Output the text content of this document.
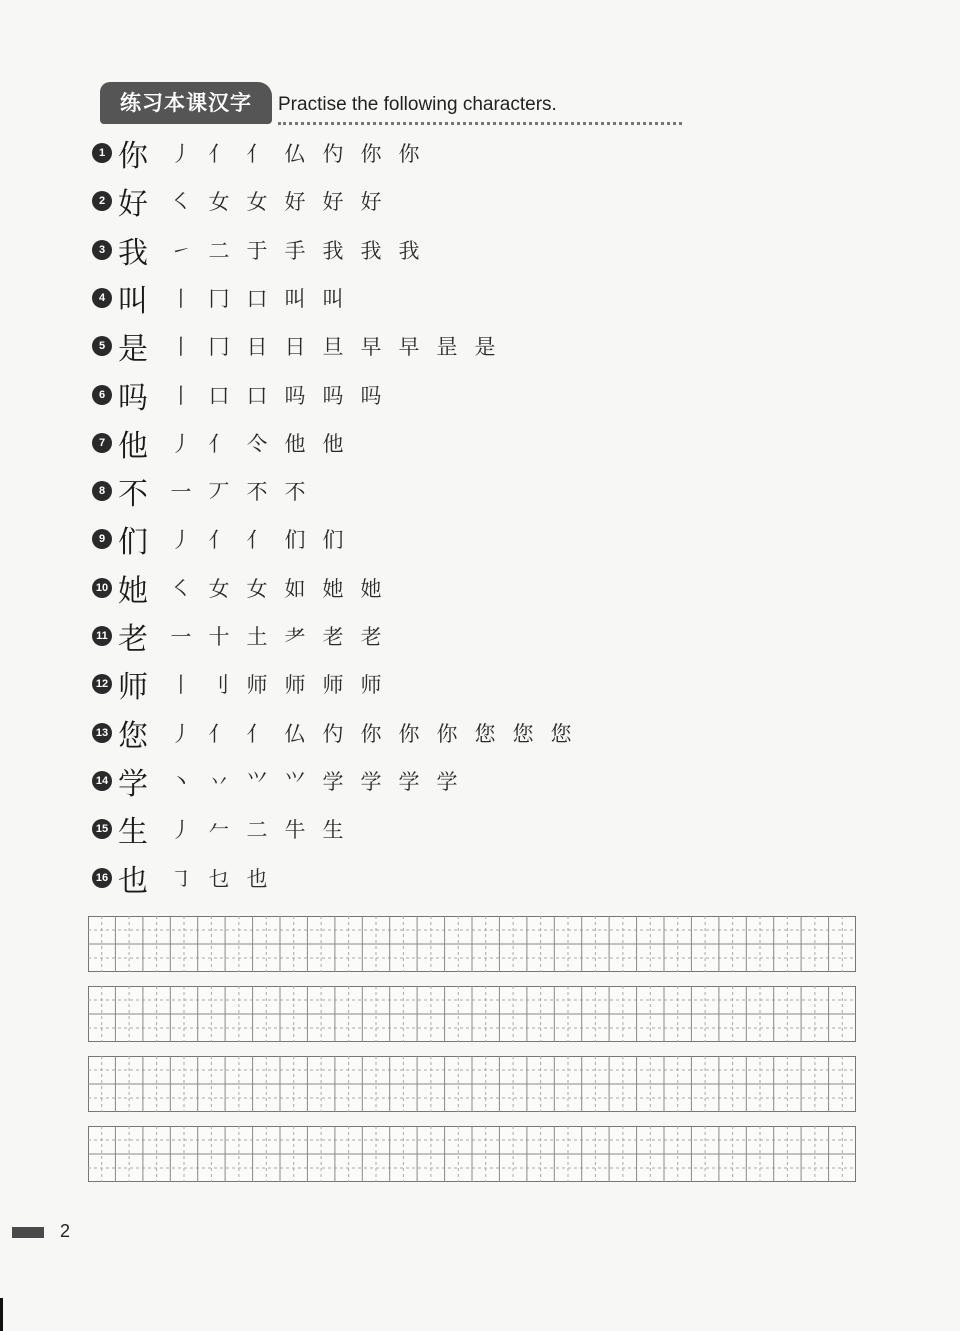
练习本课汉字	Practise the following characters.
1 你	丿 亻 亻 仏 仢 你 你
2 好	㇛ 女 女 好 好 好
3 我	㇀ 二 于 手 我 我 我
4 叫	丨 冂 口 叫 叫
5 是	丨 冂 日 日 旦 早 早 昰 是
6 吗	丨 口 口 吗 吗 吗
7 他	丿 亻 仒 他 他
8 不	一 丆 不 不
9 们	丿 亻 亻 们 们
10 她	㇛ 女 女 如 她 她
11 老	一 十 土 耂 老 老
12 师	丨 刂 师 师 师 师
13 您	丿 亻 亻 仏 仢 你 你 你 您 您 您
14 学	丶 丷 ⺍ ⺍ 学 学 学 学
15 生	丿 𠂉 二 牛 生
16 也	㇆ 乜 也
2
